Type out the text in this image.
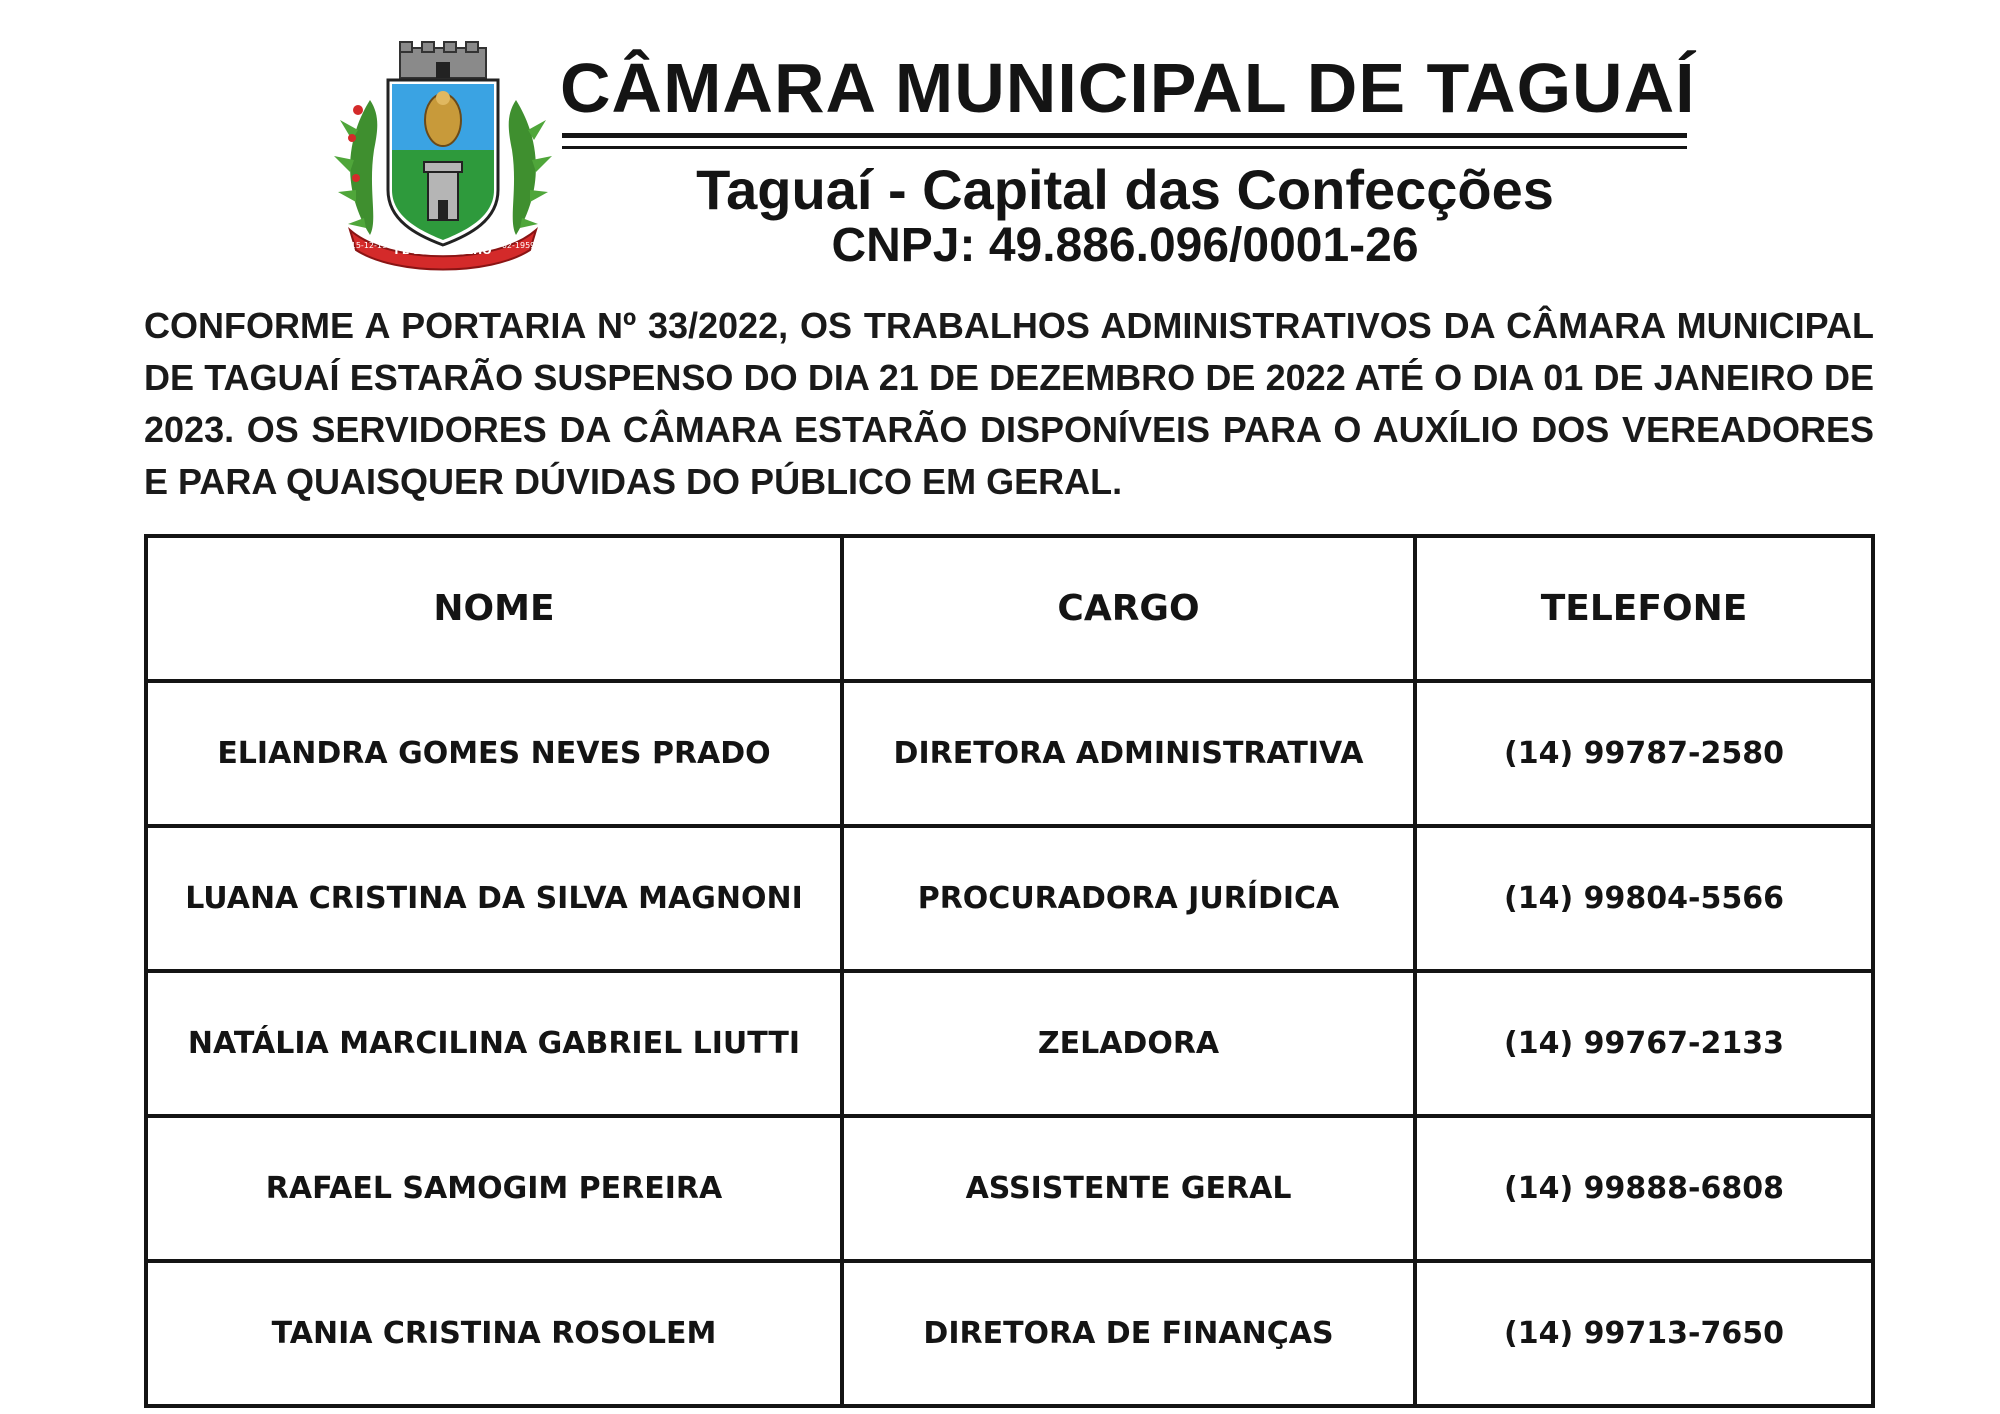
FÉ E TRABALHO
15-12-1911	18-02-1959
CÂMARA MUNICIPAL DE TAGUAÍ
Taguaí - Capital das Confecções
CNPJ: 49.886.096/0001-26

CONFORME A PORTARIA Nº 33/2022, OS TRABALHOS ADMINISTRATIVOS DA CÂMARA MUNICIPAL DE TAGUAÍ ESTARÃO SUSPENSO DO DIA 21 DE DEZEMBRO DE 2022 ATÉ O DIA 01 DE JANEIRO DE 2023. OS SERVIDORES DA CÂMARA ESTARÃO DISPONÍVEIS PARA O AUXÍLIO DOS VEREADORES E PARA QUAISQUER DÚVIDAS DO PÚBLICO EM GERAL.

NOME	CARGO	TELEFONE
ELIANDRA GOMES NEVES PRADO	DIRETORA ADMINISTRATIVA	(14) 99787-2580
LUANA CRISTINA DA SILVA MAGNONI	PROCURADORA JURÍDICA	(14) 99804-5566
NATÁLIA MARCILINA GABRIEL LIUTTI	ZELADORA	(14) 99767-2133
RAFAEL SAMOGIM PEREIRA	ASSISTENTE GERAL	(14) 99888-6808
TANIA CRISTINA ROSOLEM	DIRETORA DE FINANÇAS	(14) 99713-7650
